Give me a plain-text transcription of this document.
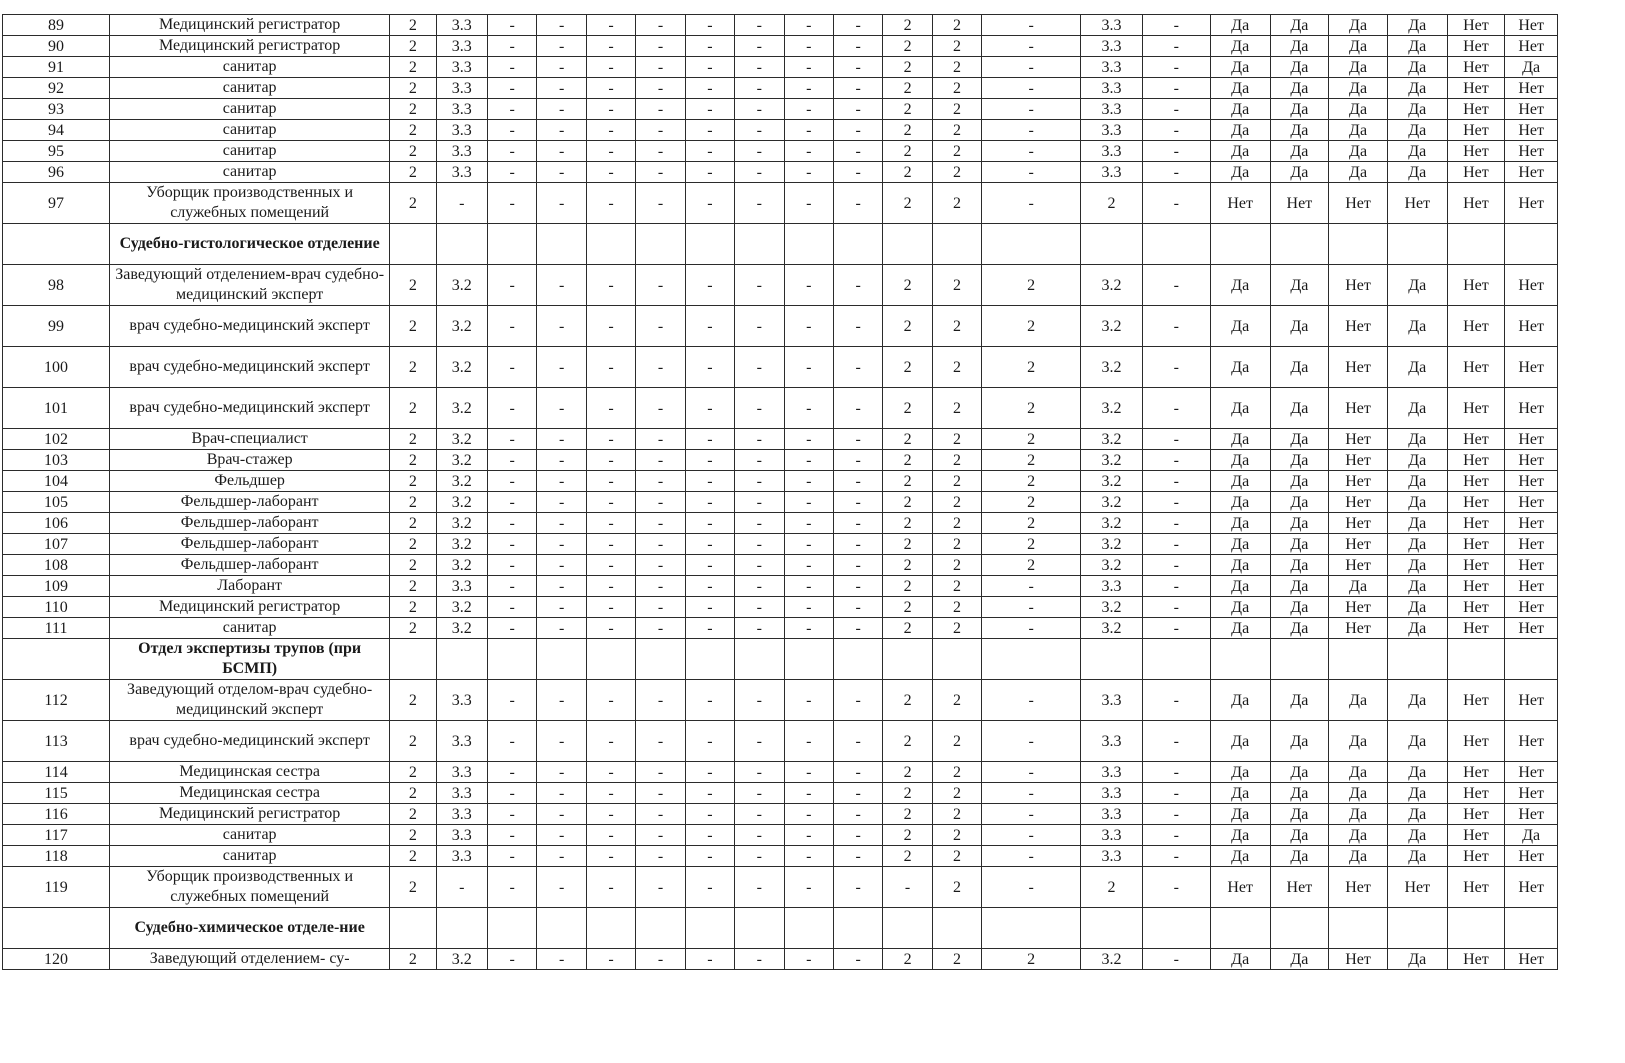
89	Медицинский регистратор	2	3.3	-	-	-	-	-	-	-	-	2	2	-	3.3	-	Да	Да	Да	Да	Нет	Нет
90	Медицинский регистратор	2	3.3	-	-	-	-	-	-	-	-	2	2	-	3.3	-	Да	Да	Да	Да	Нет	Нет
91	санитар	2	3.3	-	-	-	-	-	-	-	-	2	2	-	3.3	-	Да	Да	Да	Да	Нет	Да
92	санитар	2	3.3	-	-	-	-	-	-	-	-	2	2	-	3.3	-	Да	Да	Да	Да	Нет	Нет
93	санитар	2	3.3	-	-	-	-	-	-	-	-	2	2	-	3.3	-	Да	Да	Да	Да	Нет	Нет
94	санитар	2	3.3	-	-	-	-	-	-	-	-	2	2	-	3.3	-	Да	Да	Да	Да	Нет	Нет
95	санитар	2	3.3	-	-	-	-	-	-	-	-	2	2	-	3.3	-	Да	Да	Да	Да	Нет	Нет
96	санитар	2	3.3	-	-	-	-	-	-	-	-	2	2	-	3.3	-	Да	Да	Да	Да	Нет	Нет
97	Уборщик производственных и служебных помещений	2	-	-	-	-	-	-	-	-	-	2	2	-	2	-	Нет	Нет	Нет	Нет	Нет	Нет
	Судебно-гистологическое отделение																					
98	Заведующий отделением-врач судебно-медицинский эксперт	2	3.2	-	-	-	-	-	-	-	-	2	2	2	3.2	-	Да	Да	Нет	Да	Нет	Нет
99	врач судебно-медицинский эксперт	2	3.2	-	-	-	-	-	-	-	-	2	2	2	3.2	-	Да	Да	Нет	Да	Нет	Нет
100	врач судебно-медицинский эксперт	2	3.2	-	-	-	-	-	-	-	-	2	2	2	3.2	-	Да	Да	Нет	Да	Нет	Нет
101	врач судебно-медицинский эксперт	2	3.2	-	-	-	-	-	-	-	-	2	2	2	3.2	-	Да	Да	Нет	Да	Нет	Нет
102	Врач-специалист	2	3.2	-	-	-	-	-	-	-	-	2	2	2	3.2	-	Да	Да	Нет	Да	Нет	Нет
103	Врач-стажер	2	3.2	-	-	-	-	-	-	-	-	2	2	2	3.2	-	Да	Да	Нет	Да	Нет	Нет
104	Фельдшер	2	3.2	-	-	-	-	-	-	-	-	2	2	2	3.2	-	Да	Да	Нет	Да	Нет	Нет
105	Фельдшер-лаборант	2	3.2	-	-	-	-	-	-	-	-	2	2	2	3.2	-	Да	Да	Нет	Да	Нет	Нет
106	Фельдшер-лаборант	2	3.2	-	-	-	-	-	-	-	-	2	2	2	3.2	-	Да	Да	Нет	Да	Нет	Нет
107	Фельдшер-лаборант	2	3.2	-	-	-	-	-	-	-	-	2	2	2	3.2	-	Да	Да	Нет	Да	Нет	Нет
108	Фельдшер-лаборант	2	3.2	-	-	-	-	-	-	-	-	2	2	2	3.2	-	Да	Да	Нет	Да	Нет	Нет
109	Лаборант	2	3.3	-	-	-	-	-	-	-	-	2	2	-	3.3	-	Да	Да	Да	Да	Нет	Нет
110	Медицинский регистратор	2	3.2	-	-	-	-	-	-	-	-	2	2	-	3.2	-	Да	Да	Нет	Да	Нет	Нет
111	санитар	2	3.2	-	-	-	-	-	-	-	-	2	2	-	3.2	-	Да	Да	Нет	Да	Нет	Нет
	Отдел экспертизы трупов (при БСМП)																					
112	Заведующий отделом-врач судебно-медицинский эксперт	2	3.3	-	-	-	-	-	-	-	-	2	2	-	3.3	-	Да	Да	Да	Да	Нет	Нет
113	врач судебно-медицинский эксперт	2	3.3	-	-	-	-	-	-	-	-	2	2	-	3.3	-	Да	Да	Да	Да	Нет	Нет
114	Медицинская сестра	2	3.3	-	-	-	-	-	-	-	-	2	2	-	3.3	-	Да	Да	Да	Да	Нет	Нет
115	Медицинская сестра	2	3.3	-	-	-	-	-	-	-	-	2	2	-	3.3	-	Да	Да	Да	Да	Нет	Нет
116	Медицинский регистратор	2	3.3	-	-	-	-	-	-	-	-	2	2	-	3.3	-	Да	Да	Да	Да	Нет	Нет
117	санитар	2	3.3	-	-	-	-	-	-	-	-	2	2	-	3.3	-	Да	Да	Да	Да	Нет	Да
118	санитар	2	3.3	-	-	-	-	-	-	-	-	2	2	-	3.3	-	Да	Да	Да	Да	Нет	Нет
119	Уборщик производственных и служебных помещений	2	-	-	-	-	-	-	-	-	-	-	2	-	2	-	Нет	Нет	Нет	Нет	Нет	Нет
	Судебно-химическое отделе-ние																					
120	Заведующий отделением- су-	2	3.2	-	-	-	-	-	-	-	-	2	2	2	3.2	-	Да	Да	Нет	Да	Нет	Нет
